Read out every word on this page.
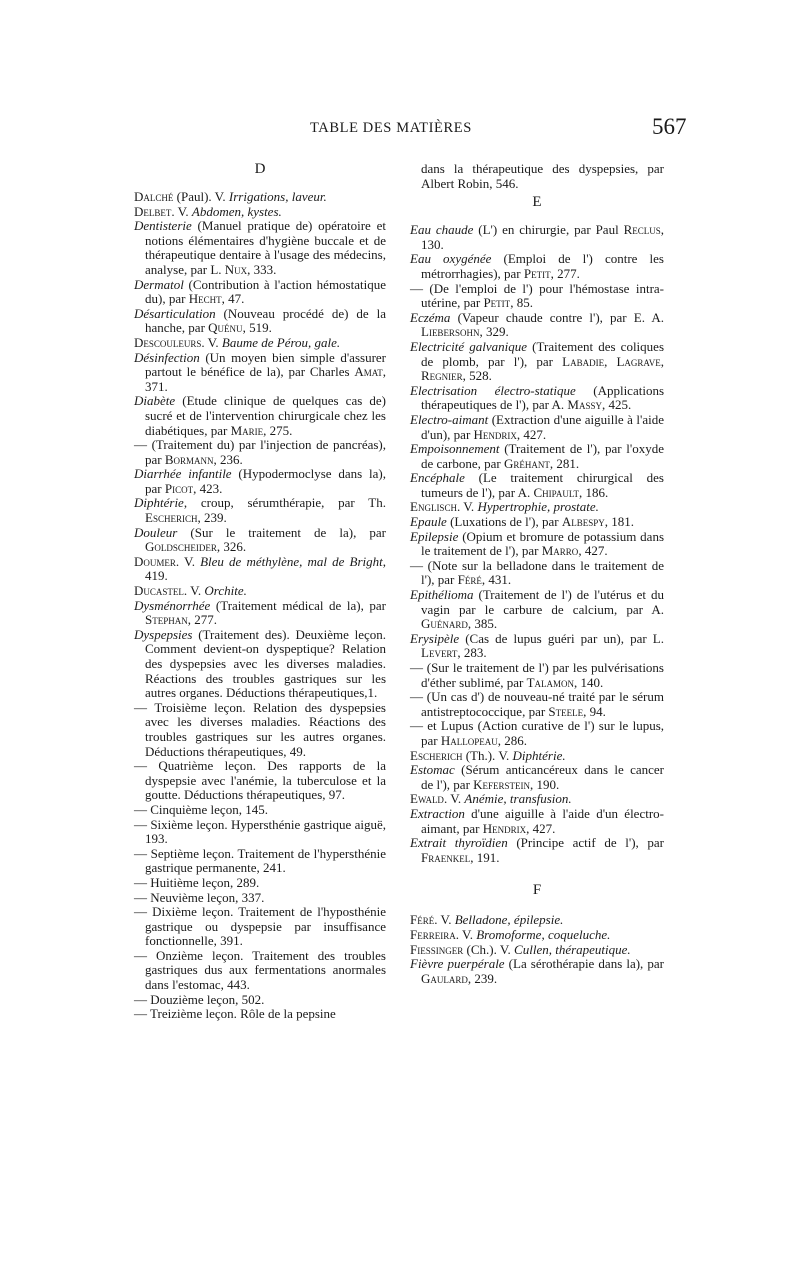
TABLE DES MATIÈRES	567
D

Dalché (Paul). V. Irrigations, laveur.

Delbet. V. Abdomen, kystes.

Dentisterie (Manuel pratique de) opératoire et notions élémentaires d'hygiène buccale et de thérapeutique dentaire à l'usage des médecins, analyse, par L. Nux, 333.

Dermatol (Contribution à l'action hémostatique du), par Hecht, 47.

Désarticulation (Nouveau procédé de) de la hanche, par Quénu, 519.

Descouleurs. V. Baume de Pérou, gale.

Désinfection (Un moyen bien simple d'assurer partout le bénéfice de la), par Charles Amat, 371.

Diabète (Etude clinique de quelques cas de) sucré et de l'intervention chirurgicale chez les diabétiques, par Marie, 275.

— (Traitement du) par l'injection de pancréas), par Bormann, 236.

Diarrhée infantile (Hypodermoclyse dans la), par Picot, 423.

Diphtérie, croup, sérumthérapie, par Th. Escherich, 239.

Douleur (Sur le traitement de la), par Goldscheider, 326.

Doumer. V. Bleu de méthylène, mal de Bright, 419.

Ducastel. V. Orchite.

Dysménorrhée (Traitement médical de la), par Stephan, 277.

Dyspepsies (Traitement des). Deuxième leçon. Comment devient-on dyspeptique? Relation des dyspepsies avec les diverses maladies. Réactions des troubles gastriques sur les autres organes. Déductions thérapeutiques,1.

— Troisième leçon. Relation des dyspepsies avec les diverses maladies. Réactions des troubles gastriques sur les autres organes. Déductions thérapeutiques, 49.

— Quatrième leçon. Des rapports de la dyspepsie avec l'anémie, la tuberculose et la goutte. Déductions thérapeutiques, 97.

— Cinquième leçon, 145.

— Sixième leçon. Hypersthénie gastrique aiguë, 193.

— Septième leçon. Traitement de l'hypersthénie gastrique permanente, 241.

— Huitième leçon, 289.

— Neuvième leçon, 337.

— Dixième leçon. Traitement de l'hyposthénie gastrique ou dyspepsie par insuffisance fonctionnelle, 391.

— Onzième leçon. Traitement des troubles gastriques dus aux fermentations anormales dans l'estomac, 443.

— Douzième leçon, 502.

— Treizième leçon. Rôle de la pepsine

dans la thérapeutique des dyspepsies, par Albert Robin, 546.

E

Eau chaude (L') en chirurgie, par Paul Reclus, 130.

Eau oxygénée (Emploi de l') contre les métrorrhagies), par Petit, 277.

— (De l'emploi de l') pour l'hémostase intra-utérine, par Petit, 85.

Eczéma (Vapeur chaude contre l'), par E. A. Liebersohn, 329.

Electricité galvanique (Traitement des coliques de plomb, par l'), par Labadie, Lagrave, Regnier, 528.

Electrisation électro-statique (Applications thérapeutiques de l'), par A. Massy, 425.

Electro-aimant (Extraction d'une aiguille à l'aide d'un), par Hendrix, 427.

Empoisonnement (Traitement de l'), par l'oxyde de carbone, par Gréhant, 281.

Encéphale (Le traitement chirurgical des tumeurs de l'), par A. Chipault, 186.

Englisch. V. Hypertrophie, prostate.

Epaule (Luxations de l'), par Albespy, 181.

Epilepsie (Opium et bromure de potassium dans le traitement de l'), par Marro, 427.

— (Note sur la belladone dans le traitement de l'), par Féré, 431.

Epithélioma (Traitement de l') de l'utérus et du vagin par le carbure de calcium, par A. Guénard, 385.

Erysipèle (Cas de lupus guéri par un), par L. Levert, 283.

— (Sur le traitement de l') par les pulvérisations d'éther sublimé, par Talamon, 140.

— (Un cas d') de nouveau-né traité par le sérum antistreptococcique, par Steele, 94.

— et Lupus (Action curative de l') sur le lupus, par Hallopeau, 286.

Escherich (Th.). V. Diphtérie.

Estomac (Sérum anticancéreux dans le cancer de l'), par Keferstein, 190.

Ewald. V. Anémie, transfusion.

Extraction d'une aiguille à l'aide d'un électro-aimant, par Hendrix, 427.

Extrait thyroïdien (Principe actif de l'), par Fraenkel, 191.

F

Féré. V. Belladone, épilepsie.

Ferreira. V. Bromoforme, coqueluche.

Fiessinger (Ch.). V. Cullen, thérapeutique.

Fièvre puerpérale (La sérothérapie dans la), par Gaulard, 239.
